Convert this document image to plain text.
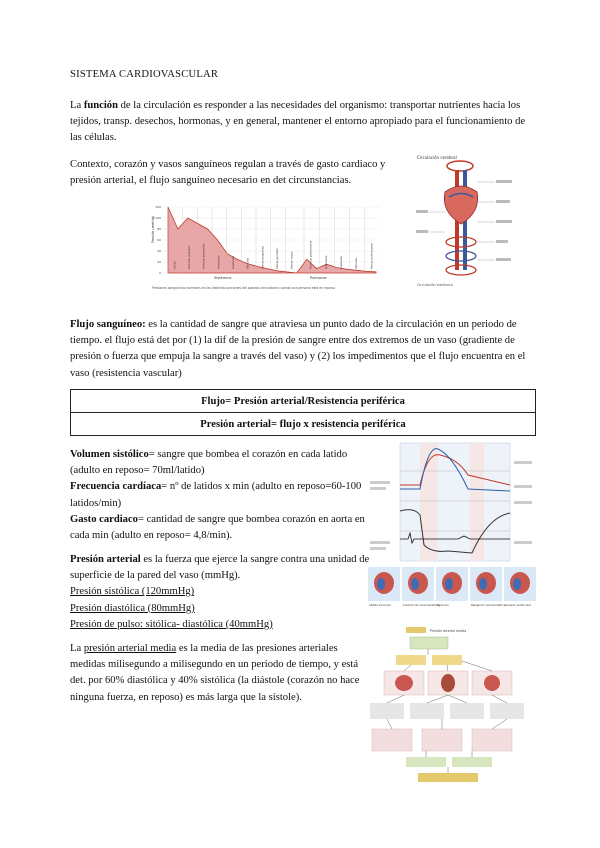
SISTEMA CARDIOVASCULAR
La función de la circulación es responder a las necesidades del organismo: transportar nutrientes hacia los tejidos, transp. desechos, hormonas, y en general, mantener el entorno apropiado para el funcionamiento de las células.
Contexto, corazón y vasos sanguíneos regulan a través de gasto cardiaco y presión arterial, el flujo sanguíneo necesario en det circunstancias.
0
20
40
60
80
100
120
Aorta	Arterias grandes	Arterias pequeñas	Arteriolas	Capilares	Vénulas	Venas pequeñas	Venas grandes	Venas cavas	Arterias pulmonares	Arteriolas	Capilares	Vénulas	Venas pulmonares
Sistémica	Pulmonar
Presiones sanguíneas normales en las distintas porciones del aparato circulatorio cuando una persona está en reposo.
Presión (mmHg)
Circulación cerebral
Circulación sistémica
Flujo sanguíneo: es la cantidad de sangre que atraviesa un punto dado de la circulación en un periodo de tiempo. el flujo está det por (1) la dif de la presión de sangre entre dos extremos de un vaso (gradiente de presión o fuerza que empuja la sangre a través del vaso) y (2) los impedimentos que el flujo encuentra en el vaso (resistencia vascular)
Flujo= Presión arterial/Resistencia periférica
Presión arterial= flujo x resistencia periférica
Volumen sistólico= sangre que bombea el corazón en cada latido (adulto en reposo= 70ml/latido)
Frecuencia cardíaca= nº de latidos x min (adulto en reposo=60-100 latidos/min)
Gasto cardiaco= cantidad de sangre que bombea corazón en aorta en cada min (adulto en reposo= 4,8/min).
Sístole auricular	Contracción isovolumétrica
Eyección	Relajación isovolumétrica Llenado ventricular
Presión arterial es la fuerza que ejerce la sangre contra una unidad de superficie de la pared del vaso (mmHg).
Presión sistólica (120mmHg)
Presión diastólica (80mmHg)
Presión de pulso: sitólica- diastólica (40mmHg)
La presión arterial media es la media de las presiones arteriales medidas milisegundo a milisegundo en un periodo de tiempo, y está det. por 60% diastólica y 40% sistólica (la diástole (corazón no hace ninguna fuerza, en reposo) es más larga que la sístole).
Presión arterial media
